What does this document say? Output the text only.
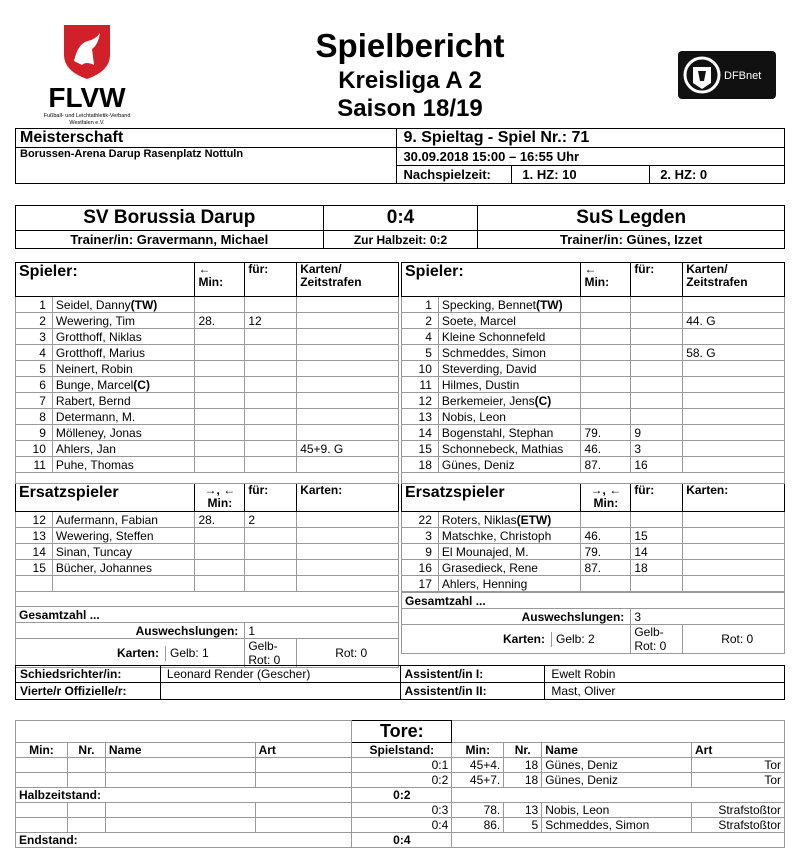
FLVW
Fußball- und Leichtathletik-Verband
Westfalen e.V.
Spielbericht
Kreisliga A 2
Saison 18/19
DFBnet
Meisterschaft	9. Spieltag - Spiel Nr.: 71		
Borussen-Arena Darup Rasenplatz Nottuln	30.09.2018 15:00 – 16:55 Uhr		
	Nachspielzeit:	1. HZ: 10	2. HZ: 0
SV Borussia Darup	0:4	SuS Legden
Trainer/in: Gravermann, Michael	Zur Halbzeit: 0:2	Trainer/in: Günes, Izzet
Spieler:	←
Min:
	für:	Karten/
Zeitstrafen

1	Seidel, Danny(TW)			
2	Wewering, Tim	28.	12	
3	Grotthoff, Niklas			
4	Grotthoff, Marius			
5	Neinert, Robin			
6	Bunge, Marcel(C)			
7	Rabert, Bernd			
8	Determann, M.			
9	Mölleney, Jonas			
10	Ahlers, Jan			45+9. G
11	Puhe, Thomas			

Ersatzspieler	→, ←
Min:
	für:	Karten:
12	Aufermann, Fabian	28.	2	
13	Wewering, Steffen			
14	Sinan, Tuncay			
15	Bücher, Johannes			

Gesamtzahl ...
Auswechslungen:	1

Karten:	Gelb: 1
		Gelb-Rot: 0	Rot: 0
Spieler:	←
Min:
	für:	Karten/
Zeitstrafen

1	Specking, Bennet(TW)			
2	Soete, Marcel			44. G
4	Kleine Schonnefeld			
5	Schmeddes, Simon			58. G
10	Steverding, David			
11	Hilmes, Dustin			
12	Berkemeier, Jens(C)			
13	Nobis, Leon			
14	Bogenstahl, Stephan	79.	9	
15	Schonnebeck, Mathias	46.	3	
18	Günes, Deniz	87.	16	

Ersatzspieler	→, ←
Min:
	für:	Karten:
22	Roters, Niklas(ETW)			
3	Matschke, Christoph	46.	15	
9	El Mounajed, M.	79.	14	
16	Grasedieck, Rene	87.	18	
17	Ahlers, Henning			

Gesamtzahl ...
Auswechslungen:	3

Karten:	Gelb: 2
		Gelb-Rot: 0	Rot: 0
Schiedsrichter/in:	Leonard Render (Gescher)	Assistent/in I:	Ewelt Robin
Vierte/r Offizielle/r:		Assistent/in II:	Mast, Oliver
				Tore:				
Min:	Nr.	Name	Art	Spielstand:	Min:	Nr.	Name	Art
				0:1	45+4.	18	Günes, Deniz	Tor
				0:2	45+7.	18	Günes, Deniz	Tor
Halbzeitstand:				0:2				
				0:3	78.	13	Nobis, Leon	Strafstoßtor
				0:4	86.	5	Schmeddes, Simon	Strafstoßtor
Endstand:				0:4				
